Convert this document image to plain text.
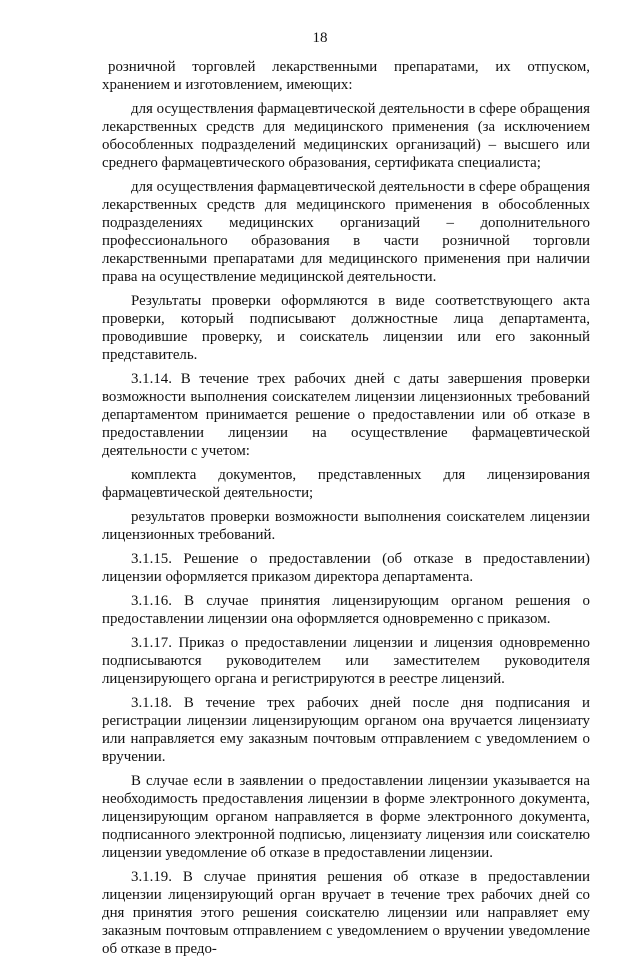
18

розничной торговлей лекарственными препаратами, их отпуском, хранением и изготовлением, имеющих:

для осуществления фармацевтической деятельности в сфере обращения лекарственных средств для медицинского применения (за исключением обособленных подразделений медицинских организаций) – высшего или среднего фармацевтического образования, сертификата специалиста;

для осуществления фармацевтической деятельности в сфере обращения лекарственных средств для медицинского применения в обособленных подразделениях медицинских организаций – дополнительного профессионального образования в части розничной торговли лекарственными препаратами для медицинского применения при наличии права на осуществление медицинской деятельности.

Результаты проверки оформляются в виде соответствующего акта проверки, который подписывают должностные лица департамента, проводившие проверку, и соискатель лицензии или его законный представитель.

3.1.14. В течение трех рабочих дней с даты завершения проверки возможности выполнения соискателем лицензии лицензионных требований департаментом принимается решение о предоставлении или об отказе в предоставлении лицензии на осуществление фармацевтической деятельности с учетом:

комплекта документов, представленных для лицензирования фармацевтической деятельности;

результатов проверки возможности выполнения соискателем лицензии лицензионных требований.

3.1.15. Решение о предоставлении (об отказе в предоставлении) лицензии оформляется приказом директора департамента.

3.1.16. В случае принятия лицензирующим органом решения о предоставлении лицензии она оформляется одновременно с приказом.

3.1.17. Приказ о предоставлении лицензии и лицензия одновременно подписываются руководителем или заместителем руководителя лицензирующего органа и регистрируются в реестре лицензий.

3.1.18. В течение трех рабочих дней после дня подписания и регистрации лицензии лицензирующим органом она вручается лицензиату или направляется ему заказным почтовым отправлением с уведомлением о вручении.

В случае если в заявлении о предоставлении лицензии указывается на необходимость предоставления лицензии в форме электронного документа, лицензирующим органом направляется в форме электронного документа, подписанного электронной подписью, лицензиату лицензия или соискателю лицензии уведомление об отказе в предоставлении лицензии.

3.1.19. В случае принятия решения об отказе в предоставлении лицензии лицензирующий орган вручает в течение трех рабочих дней со дня принятия этого решения соискателю лицензии или направляет ему заказным почтовым отправлением с уведомлением о вручении уведомление об отказе в предо-
